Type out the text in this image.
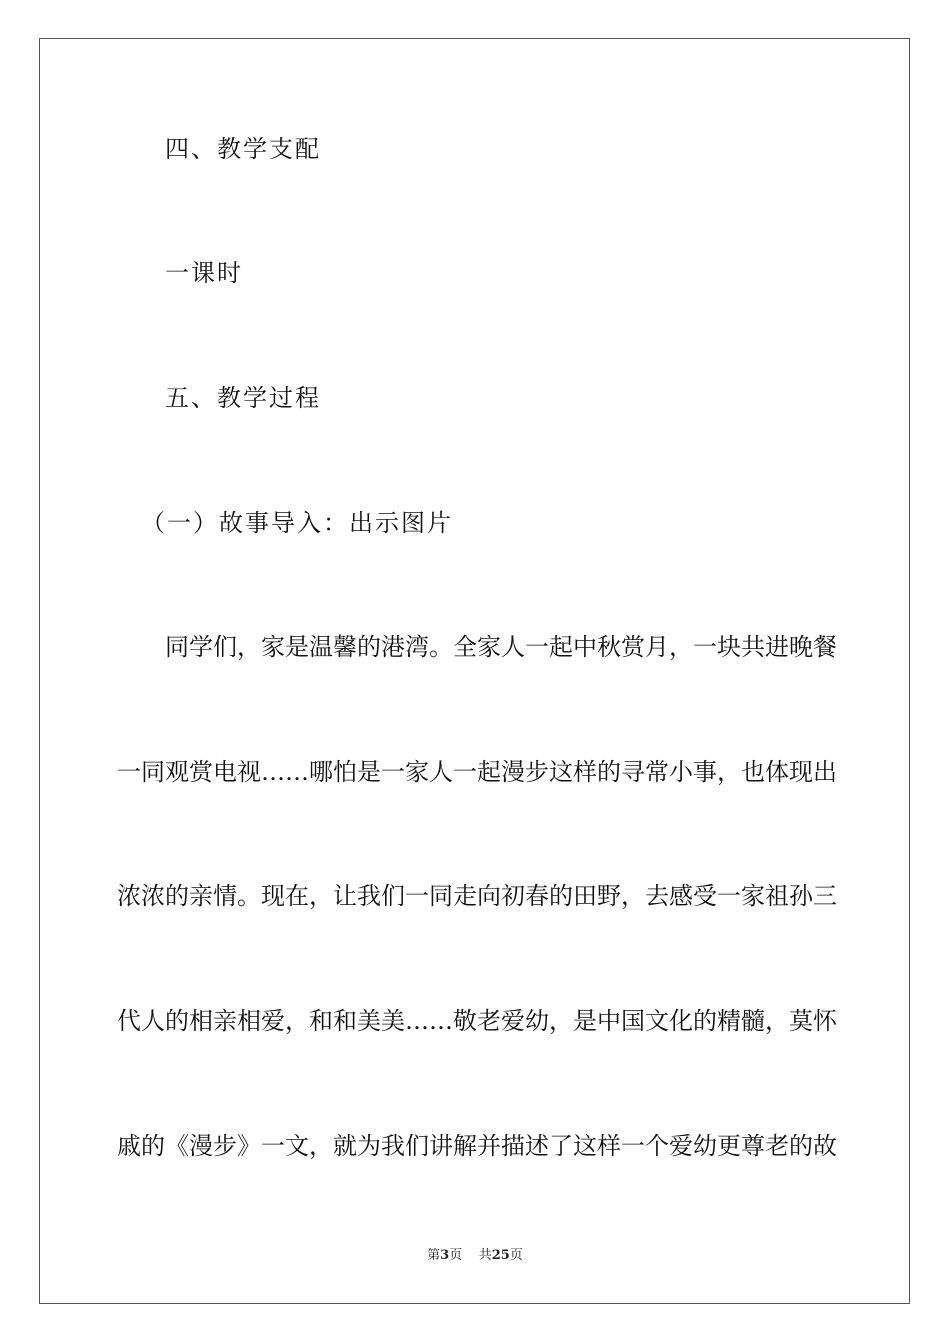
四、教学支配
一课时
五、教学过程
（一）故事导入：出示图片
同学们，家是温馨的港湾。全家人一起中秋赏月，一块共进晚餐
一同观赏电视……哪怕是一家人一起漫步这样的寻常小事，也体现出
浓浓的亲情。现在，让我们一同走向初春的田野，去感受一家祖孙三
代人的相亲相爱，和和美美……敬老爱幼，是中国文化的精髓，莫怀
戚的《漫步》一文，就为我们讲解并描述了这样一个爱幼更尊老的故
第3页 共25页
